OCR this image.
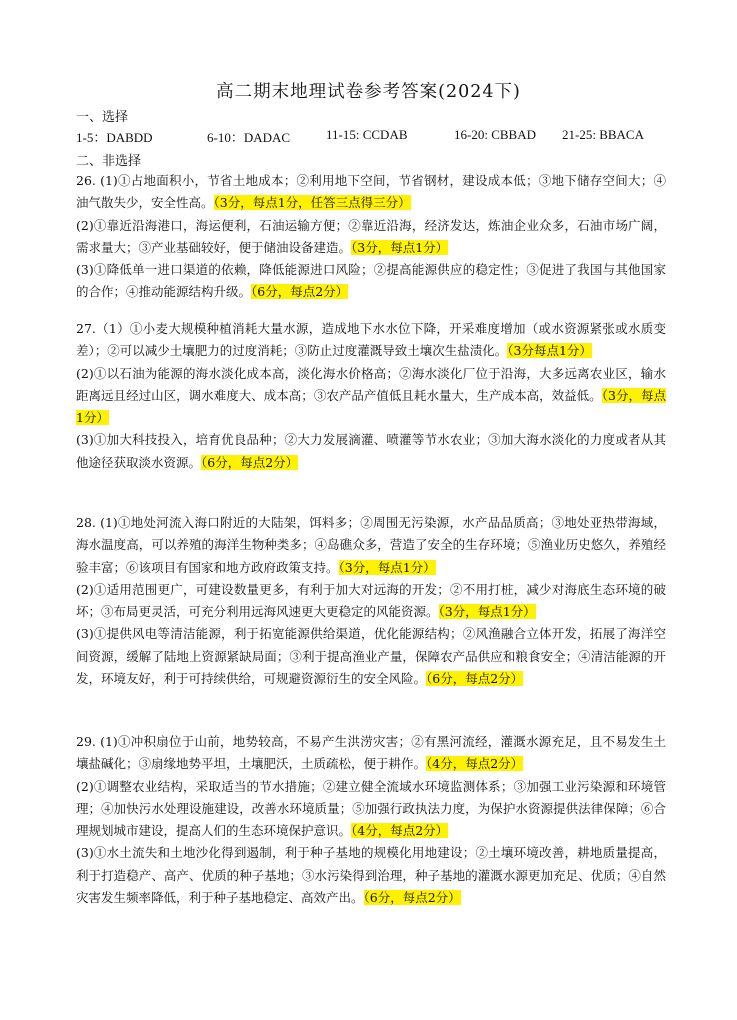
高二期末地理试卷参考答案(2024下)
一、选择
1-5：DABDD	6-10：DADAC	11-15: CCDAB	16-20: CBBAD 21-25: BBACA
二、非选择

26. (1)①占地面积小，节省土地成本；②利用地下空间，节省钢材，建设成本低；③地下储存空间大；④油气散失少，安全性高。（3分，每点1分，任答三点得三分）

(2)①靠近沿海港口，海运便利，石油运输方便；②靠近沿海，经济发达，炼油企业众多，石油市场广阔，需求量大；③产业基础较好，便于储油设备建造。（3分，每点1分）

(3)①降低单一进口渠道的依赖，降低能源进口风险；②提高能源供应的稳定性；③促进了我国与其他国家的合作；④推动能源结构升级。（6分，每点2分）

27.（1）①小麦大规模种植消耗大量水源，造成地下水水位下降，开采难度增加（或水资源紧张或水质变差）；②可以减少土壤肥力的过度消耗；③防止过度灌溉导致土壤次生盐渍化。（3分每点1分）

(2)①以石油为能源的海水淡化成本高，淡化海水价格高；②海水淡化厂位于沿海，大多远离农业区，输水距离远且经过山区，调水难度大、成本高；③农产品产值低且耗水量大，生产成本高，效益低。（3分，每点1分）

(3)①加大科技投入，培育优良品种；②大力发展滴灌、喷灌等节水农业；③加大海水淡化的力度或者从其他途径获取淡水资源。（6分，每点2分）

28. (1)①地处河流入海口附近的大陆架，饵料多；②周围无污染源，水产品品质高；③地处亚热带海域，海水温度高，可以养殖的海洋生物种类多；④岛礁众多，营造了安全的生存环境；⑤渔业历史悠久，养殖经验丰富；⑥该项目有国家和地方政府政策支持。（3分，每点1分）

(2)①适用范围更广，可建设数量更多，有利于加大对远海的开发；②不用打桩，减少对海底生态环境的破坏；③布局更灵活，可充分利用远海风速更大更稳定的风能资源。（3分，每点1分）

(3)①提供风电等清洁能源，利于拓宽能源供给渠道，优化能源结构；②风渔融合立体开发，拓展了海洋空间资源，缓解了陆地上资源紧缺局面；③利于提高渔业产量，保障农产品供应和粮食安全；④清洁能源的开发，环境友好，利于可持续供给，可规避资源衍生的安全风险。（6分，每点2分）

29. (1)①冲积扇位于山前，地势较高，不易产生洪涝灾害；②有黑河流经，灌溉水源充足，且不易发生土壤盐碱化；③扇缘地势平坦，土壤肥沃，土质疏松，便于耕作。（4分，每点2分）

(2)①调整农业结构，采取适当的节水措施；②建立健全流域水环境监测体系；③加强工业污染源和环境管理；④加快污水处理设施建设，改善水环境质量；⑤加强行政执法力度，为保护水资源提供法律保障；⑥合理规划城市建设，提高人们的生态环境保护意识。（4分，每点2分）

(3)①水土流失和土地沙化得到遏制，利于种子基地的规模化用地建设；②土壤环境改善，耕地质量提高，利于打造稳产、高产、优质的种子基地；③水污染得到治理，种子基地的灌溉水源更加充足、优质；④自然灾害发生频率降低，利于种子基地稳定、高效产出。（6分，每点2分）
